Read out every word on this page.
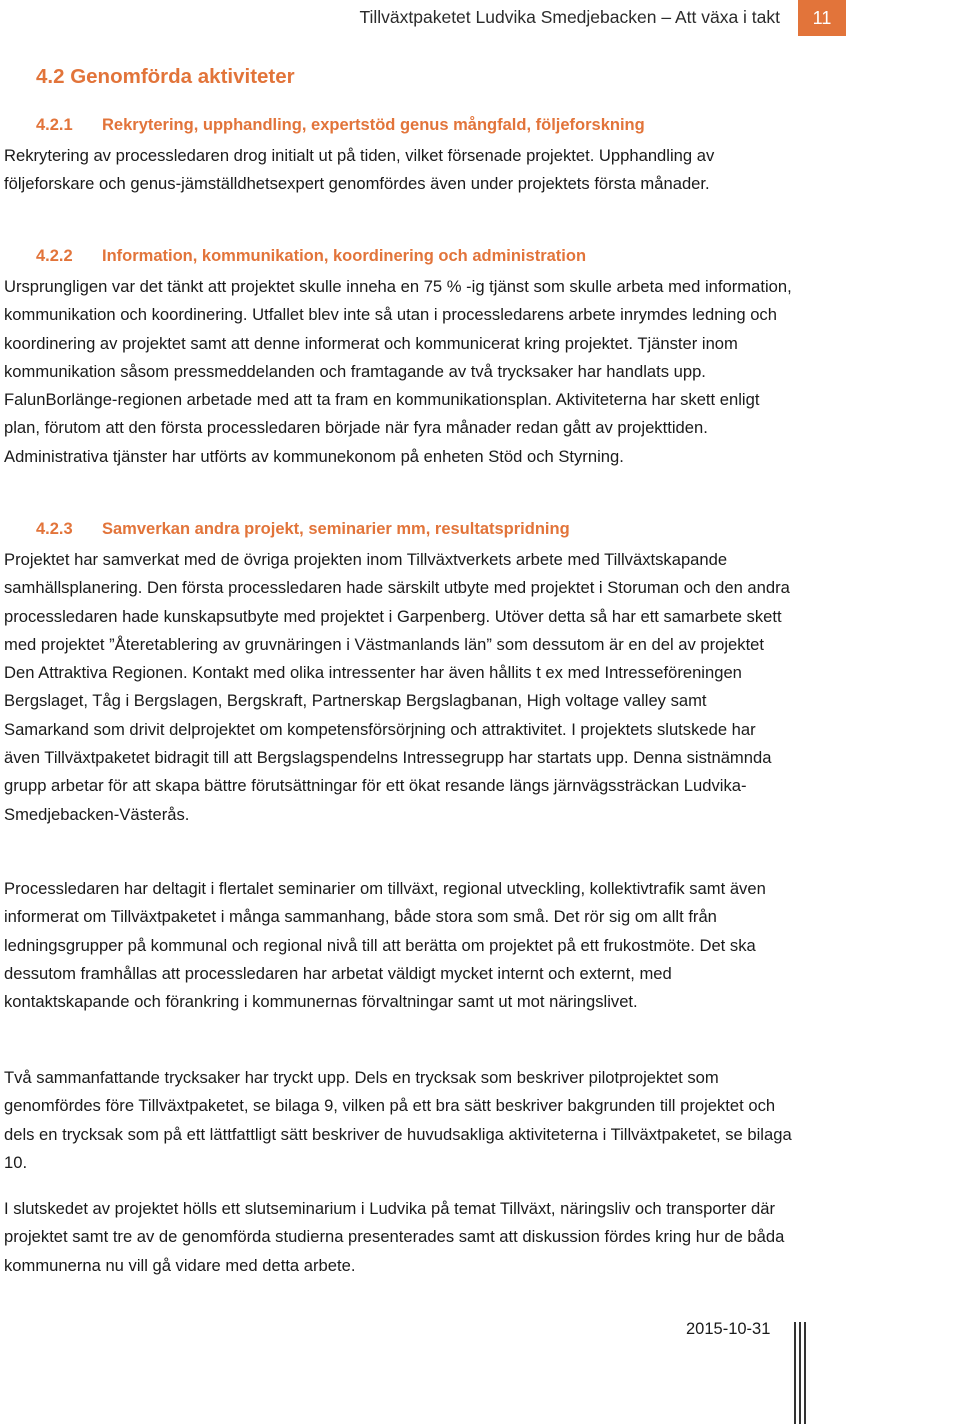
Tillväxtpaketet Ludvika Smedjebacken – Att växa i takt	11
4.2 Genomförda aktiviteter
4.2.1 Rekrytering, upphandling, expertstöd genus mångfald, följeforskning

Rekrytering av processledaren drog initialt ut på tiden, vilket försenade projektet. Upphandling av följeforskare och genus-jämställdhetsexpert genomfördes även under projektets första månader.

4.2.2 Information, kommunikation, koordinering och administration

Ursprungligen var det tänkt att projektet skulle inneha en 75 % -ig tjänst som skulle arbeta med information, kommunikation och koordinering. Utfallet blev inte så utan i processledarens arbete inrymdes ledning och koordinering av projektet samt att denne informerat och kommunicerat kring projektet. Tjänster inom kommunikation såsom pressmeddelanden och framtagande av två trycksaker har handlats upp. FalunBorlänge-regionen arbetade med att ta fram en kommunikationsplan. Aktiviteterna har skett enligt plan, förutom att den första processledaren började när fyra månader redan gått av projekttiden. Administrativa tjänster har utförts av kommunekonom på enheten Stöd och Styrning.

4.2.3 Samverkan andra projekt, seminarier mm, resultatspridning

Projektet har samverkat med de övriga projekten inom Tillväxtverkets arbete med Tillväxtskapande samhällsplanering. Den första processledaren hade särskilt utbyte med projektet i Storuman och den andra processledaren hade kunskapsutbyte med projektet i Garpenberg. Utöver detta så har ett samarbete skett med projektet ”Återetablering av gruvnäringen i Västmanlands län” som dessutom är en del av projektet Den Attraktiva Regionen. Kontakt med olika intressenter har även hållits t ex med Intresseföreningen Bergslaget, Tåg i Bergslagen, Bergskraft, Partnerskap Bergslagbanan, High voltage valley samt Samarkand som drivit delprojektet om kompetensförsörjning och attraktivitet. I projektets slutskede har även Tillväxtpaketet bidragit till att Bergslagspendelns Intressegrupp har startats upp. Denna sistnämnda grupp arbetar för att skapa bättre förutsättningar för ett ökat resande längs järnvägssträckan Ludvika-Smedjebacken-Västerås.

Processledaren har deltagit i flertalet seminarier om tillväxt, regional utveckling, kollektivtrafik samt även informerat om Tillväxtpaketet i många sammanhang, både stora som små. Det rör sig om allt från ledningsgrupper på kommunal och regional nivå till att berätta om projektet på ett frukostmöte. Det ska dessutom framhållas att processledaren har arbetat väldigt mycket internt och externt, med kontaktskapande och förankring i kommunernas förvaltningar samt ut mot näringslivet.

Två sammanfattande trycksaker har tryckt upp. Dels en trycksak som beskriver pilotprojektet som genomfördes före Tillväxtpaketet, se bilaga 9, vilken på ett bra sätt beskriver bakgrunden till projektet och dels en trycksak som på ett lättfattligt sätt beskriver de huvudsakliga aktiviteterna i Tillväxtpaketet, se bilaga 10.

I slutskedet av projektet hölls ett slutseminarium i Ludvika på temat Tillväxt, näringsliv och transporter där projektet samt tre av de genomförda studierna presenterades samt att diskussion fördes kring hur de båda kommunerna nu vill gå vidare med detta arbete.

2015-10-31
